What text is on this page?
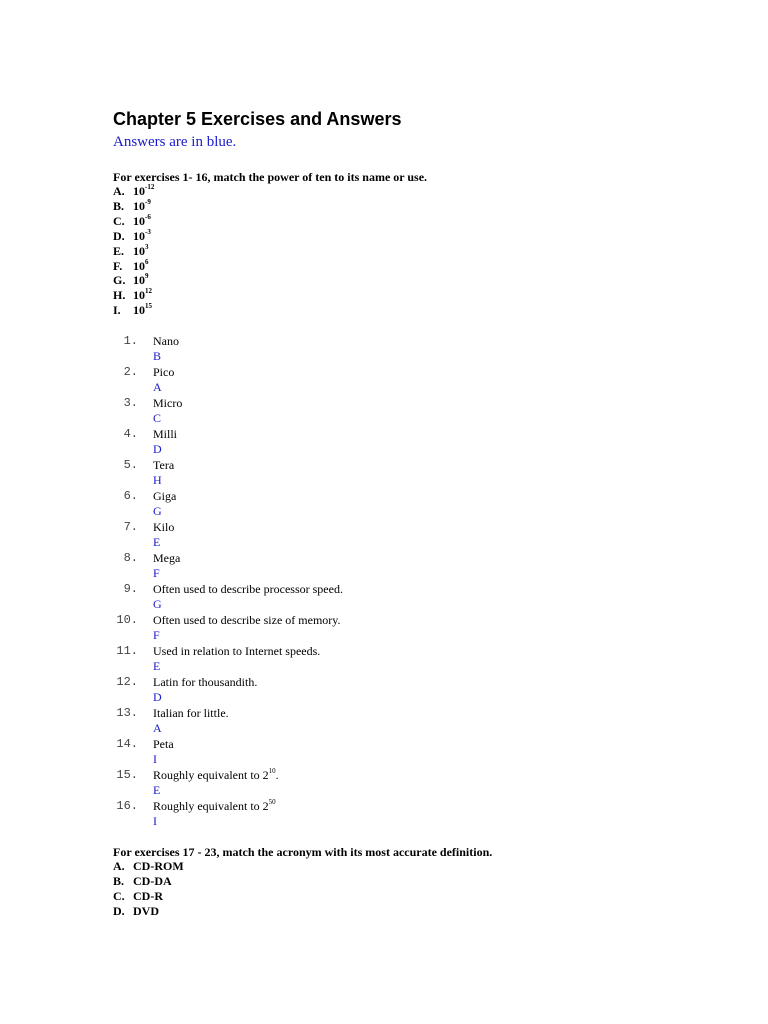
Chapter 5 Exercises and Answers
Answers are in blue.
For exercises 1- 16, match the power of ten to its name or use.
A. $10^{-12}$
B. $10^{-9}$
C. $10^{-6}$
D. $10^{-3}$
E. $10^3$
F. $10^6$
G. $10^9$
H. $10^{12}$
I. $10^{15}$
1. Nano
B
2. Pico
A
3. Micro
C
4. Milli
D
5. Tera
H
6. Giga
G
7. Kilo
E
8. Mega
F
9. Often used to describe processor speed.
G
10. Often used to describe size of memory.
F
11. Used in relation to Internet speeds.
E
12. Latin for thousandith.
D
13. Italian for little.
A
14. Peta
I
15. Roughly equivalent to $2^{10}$.
E
16. Roughly equivalent to $2^{50}$
I
For exercises 17 - 23, match the acronym with its most accurate definition.
A. CD-ROM
B. CD-DA
C. CD-R
D. DVD
